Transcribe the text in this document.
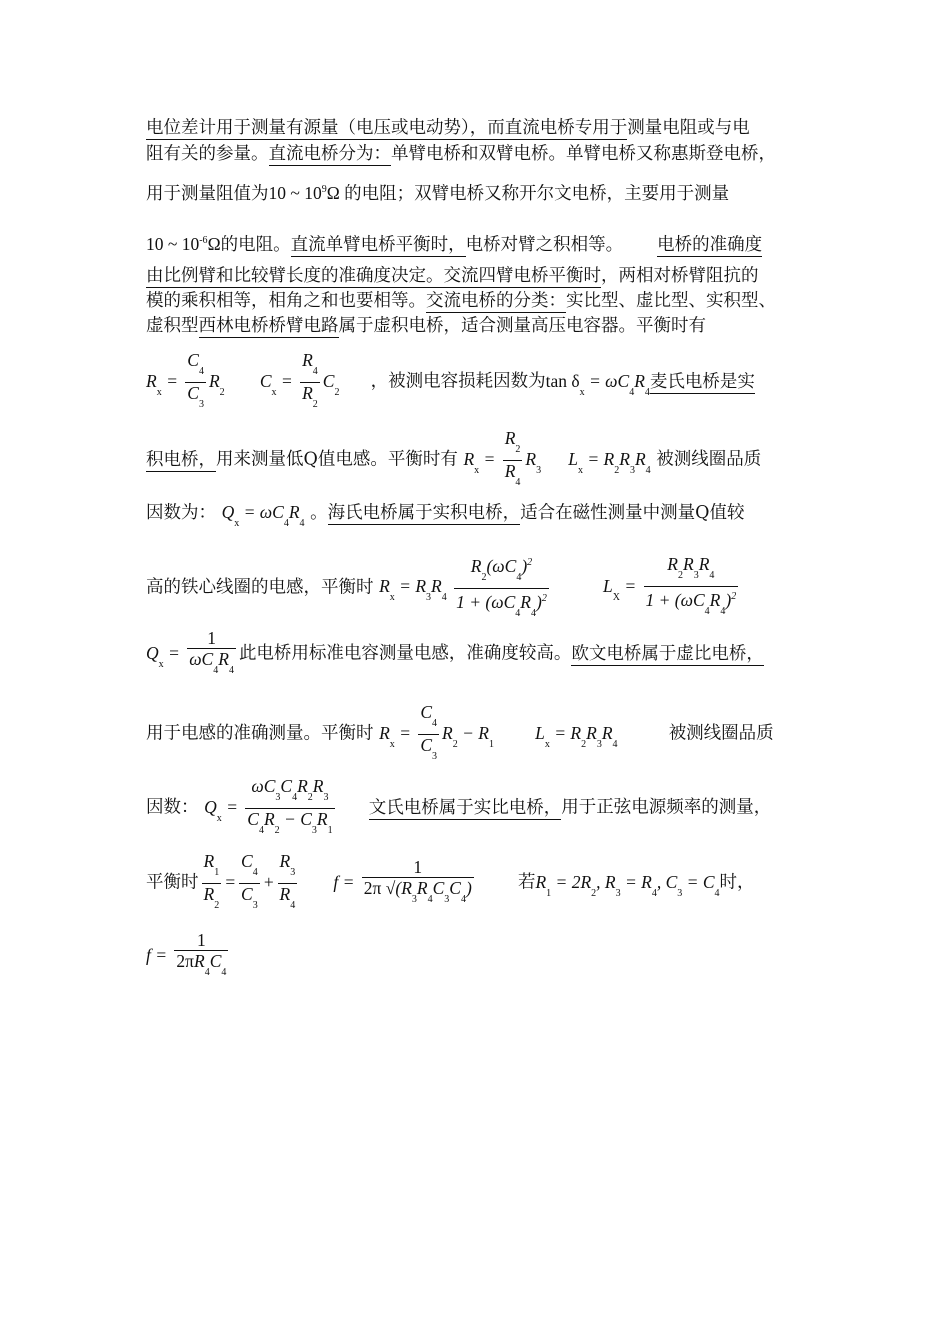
电位差计用于测量有源量（电压或电动势），而直流电桥专用于测量电阻或与电
阻有关的参量。直流电桥分为：单臂电桥和双臂电桥。单臂电桥又称惠斯登电桥，
用于测量阻值为10 ~ $10^9\Omega$ 的电阻；双臂电桥又称开尔文电桥，主要用于测量
10 ~ $10^{-6}\Omega$的电阻。直流单臂电桥平衡时，电桥对臂之积相等。 电桥的准确度
由比例臂和比较臂长度的准确度决定。交流四臂电桥平衡时，两相对桥臂阻抗的
模的乘积相等，相角之和也要相等。交流电桥的分类：实比型、虚比型、实积型、
虚积型西林电桥桥臂电路属于虚积电桥，适合测量高压电容器。平衡时有
$R_x = \frac{C_4}{C_3} R_2$  $C_x = \frac{R_4}{R_2} C_2$  ，被测电容损耗因数为$\tan \delta_x = \omega C_4R_4$麦氏电桥是实
积电桥，用来测量低Q值电感。平衡时有 $R_x = \frac{R_2}{R_4} R_3$  $L_x = R_2R_3R_4$ 被测线圈品质
因数为： $Q_x = \omega C_4R_4$ 。海氏电桥属于实积电桥，适合在磁性测量中测量Q值较
高的铁心线圈的电感，平衡时 $R_x = R_3R_4 \frac{R_2(\omega C_4)^2}{1 + (\omega C_4R_4)^2}$	$L_X = \frac{R_2R_3R_4}{1 + (\omega C_4R_4)^2}$
$Q_x = \frac{1}{\omega C_4R_4}$ 此电桥用标准电容测量电感，准确度较高。欧文电桥属于虚比电桥，
用于电感的准确测量。平衡时 $R_x = \frac{C_4}{C_3} R_2 - R_1$  $L_x = R_2R_3R_4$  被测线圈品质
因数： $Q_x = \frac{\omega C_3C_4R_2R_3}{C_4R_2 - C_3R_1}$ 文氏电桥属于实比电桥，用于正弦电源频率的测量，
平衡时 $\frac{R_1}{R_2} = \frac{C_4}{C_3} + \frac{R_3}{R_4}$ $f = \frac{1}{2\pi √(R_3R_4C_3C_4)}$	若$R_1 = 2R_2$, $R_3 = R_4$, $C_3 = C_4$时，
$f = \frac{1}{2\pi R_4C_4}$
